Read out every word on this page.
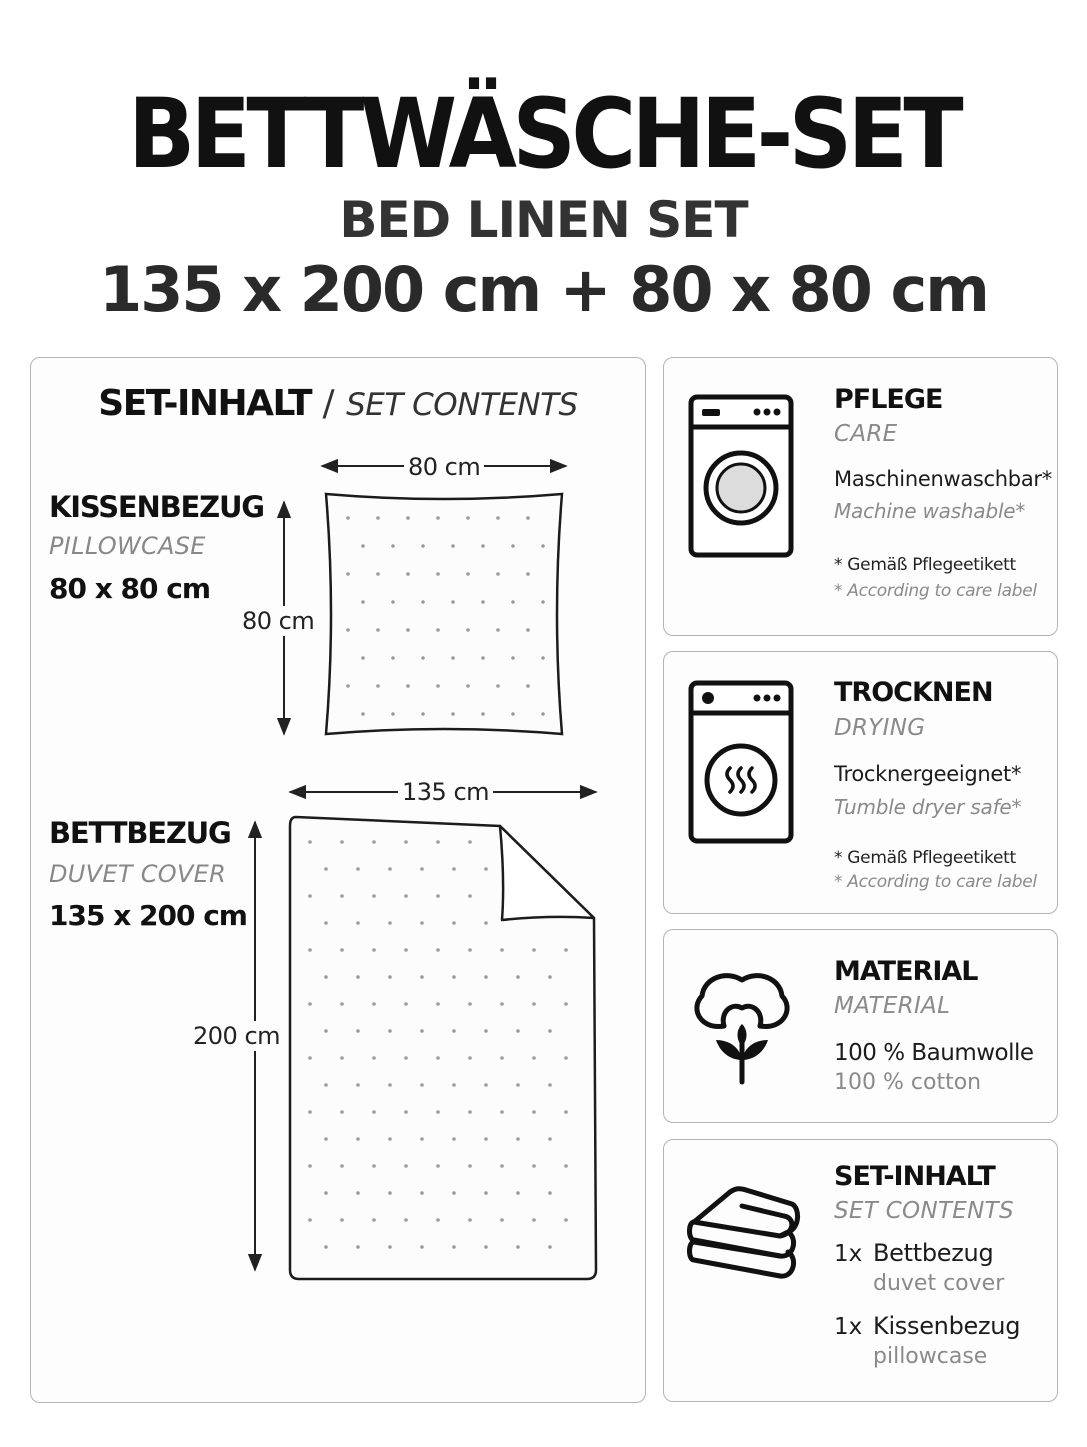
BETTWÄSCHE-SET
BED LINEN SET
135 x 200 cm + 80 x 80 cm
SET-INHALT / SET CONTENTS
KISSENBEZUG
PILLOWCASE
80 x 80 cm
BETTBEZUG
DUVET COVER
135 x 200 cm
80 cm
80 cm
135 cm
200 cm
PFLEGE
CARE
Maschinenwaschbar*
Machine washable*
* Gemäß Pflegeetikett
* According to care label
TROCKNEN
DRYING
Trocknergeeignet*
Tumble dryer safe*
* Gemäß Pflegeetikett
* According to care label
MATERIAL
MATERIAL
100 % Baumwolle
100 % cotton
SET-INHALT
SET CONTENTS
1x Bettbezug
duvet cover
1x Kissenbezug
pillowcase
